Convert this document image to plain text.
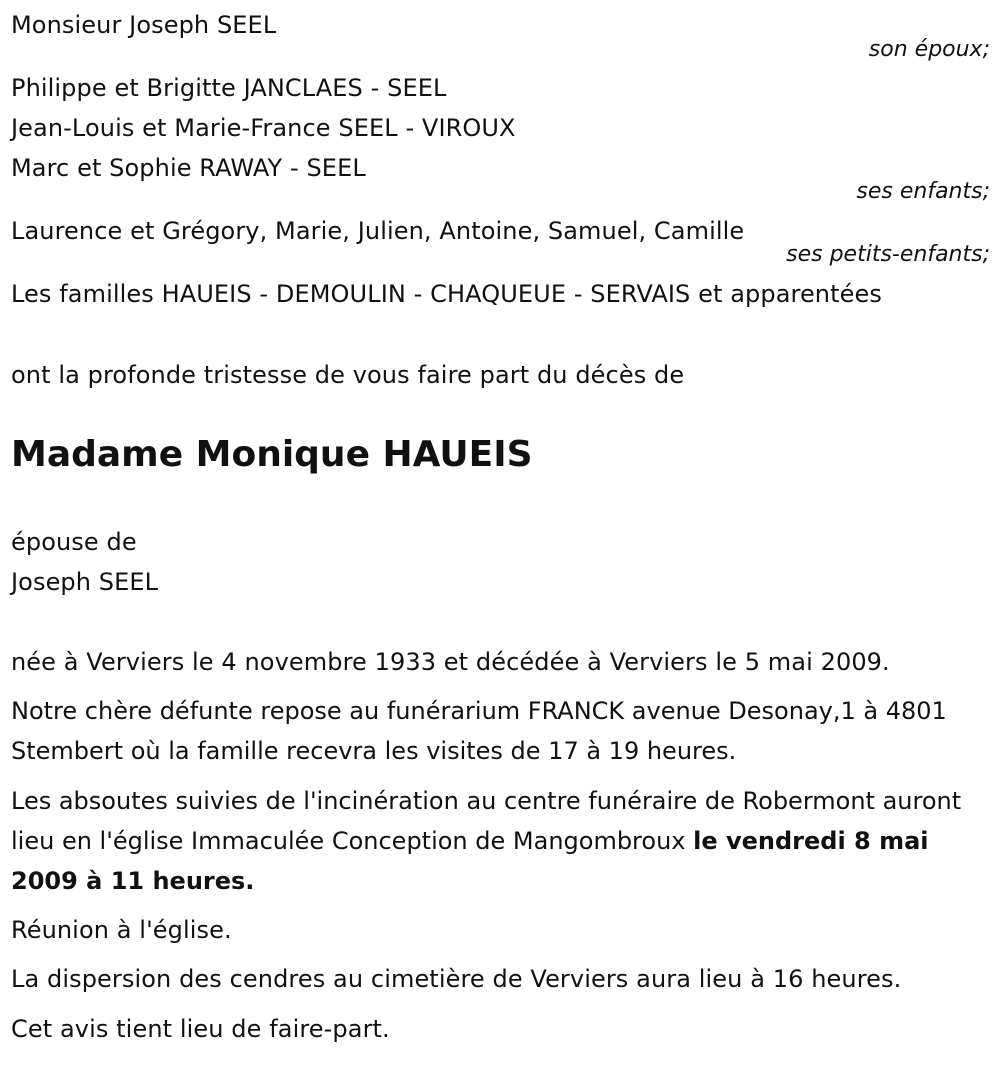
Monsieur Joseph SEEL
son époux;
Philippe et Brigitte JANCLAES - SEEL
Jean-Louis et Marie-France SEEL - VIROUX
Marc et Sophie RAWAY - SEEL
ses enfants;
Laurence et Grégory, Marie, Julien, Antoine, Samuel, Camille
ses petits-enfants;
Les familles HAUEIS - DEMOULIN - CHAQUEUE - SERVAIS et apparentées
ont la profonde tristesse de vous faire part du décès de
Madame Monique HAUEIS
épouse de
Joseph SEEL
née à Verviers le 4 novembre 1933 et décédée à Verviers le 5 mai 2009.
Notre chère défunte repose au funérarium FRANCK avenue Desonay,1 à 4801 Stembert où la famille recevra les visites de 17 à 19 heures.
Les absoutes suivies de l'incinération au centre funéraire de Robermont auront lieu en l'église Immaculée Conception de Mangombroux le vendredi 8 mai 2009 à 11 heures.
Réunion à l'église.
La dispersion des cendres au cimetière de Verviers aura lieu à 16 heures.
Cet avis tient lieu de faire-part.
